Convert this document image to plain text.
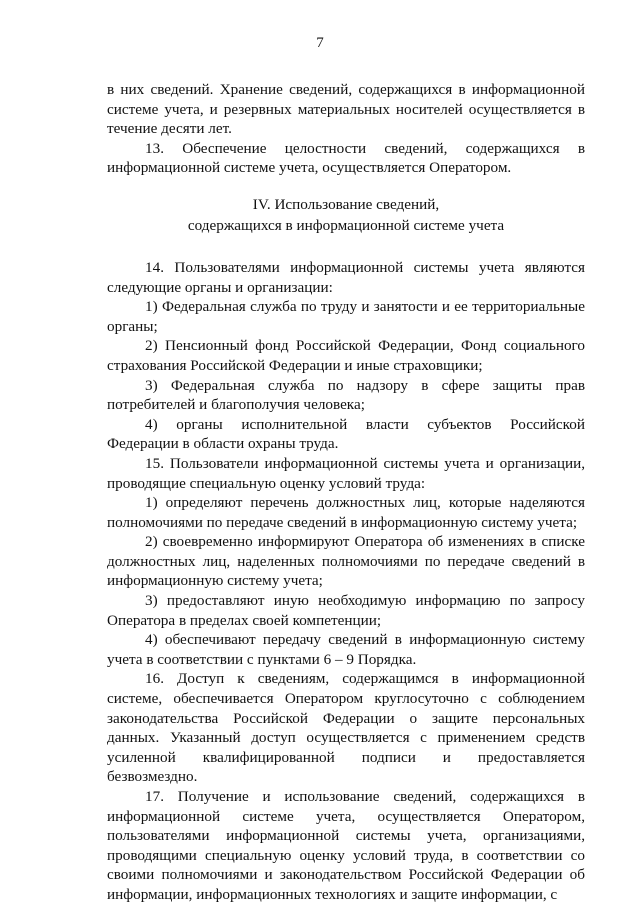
7

в них сведений. Хранение сведений, содержащихся в информационной системе учета, и резервных материальных носителей осуществляется в течение десяти лет.

13. Обеспечение целостности сведений, содержащихся в информационной системе учета, осуществляется Оператором.

IV. Использование сведений,
содержащихся в информационной системе учета

14. Пользователями информационной системы учета являются следующие органы и организации:

1) Федеральная служба по труду и занятости и ее территориальные органы;

2) Пенсионный фонд Российской Федерации, Фонд социального страхования Российской Федерации и иные страховщики;

3) Федеральная служба по надзору в сфере защиты прав потребителей и благополучия человека;

4) органы исполнительной власти субъектов Российской Федерации в области охраны труда.

15. Пользователи информационной системы учета и организации, проводящие специальную оценку условий труда:

1) определяют перечень должностных лиц, которые наделяются полномочиями по передаче сведений в информационную систему учета;

2) своевременно информируют Оператора об изменениях в списке должностных лиц, наделенных полномочиями по передаче сведений в информационную систему учета;

3) предоставляют иную необходимую информацию по запросу Оператора в пределах своей компетенции;

4) обеспечивают передачу сведений в информационную систему учета в соответствии с пунктами 6 – 9 Порядка.

16. Доступ к сведениям, содержащимся в информационной системе, обеспечивается Оператором круглосуточно с соблюдением законодательства Российской Федерации о защите персональных данных. Указанный доступ осуществляется с применением средств усиленной квалифицированной подписи и предоставляется безвозмездно.

17. Получение и использование сведений, содержащихся в информационной системе учета, осуществляется Оператором, пользователями информационной системы учета, организациями, проводящими специальную оценку условий труда, в соответствии со своими полномочиями и законодательством Российской Федерации об информации, информационных технологиях и защите информации, с
